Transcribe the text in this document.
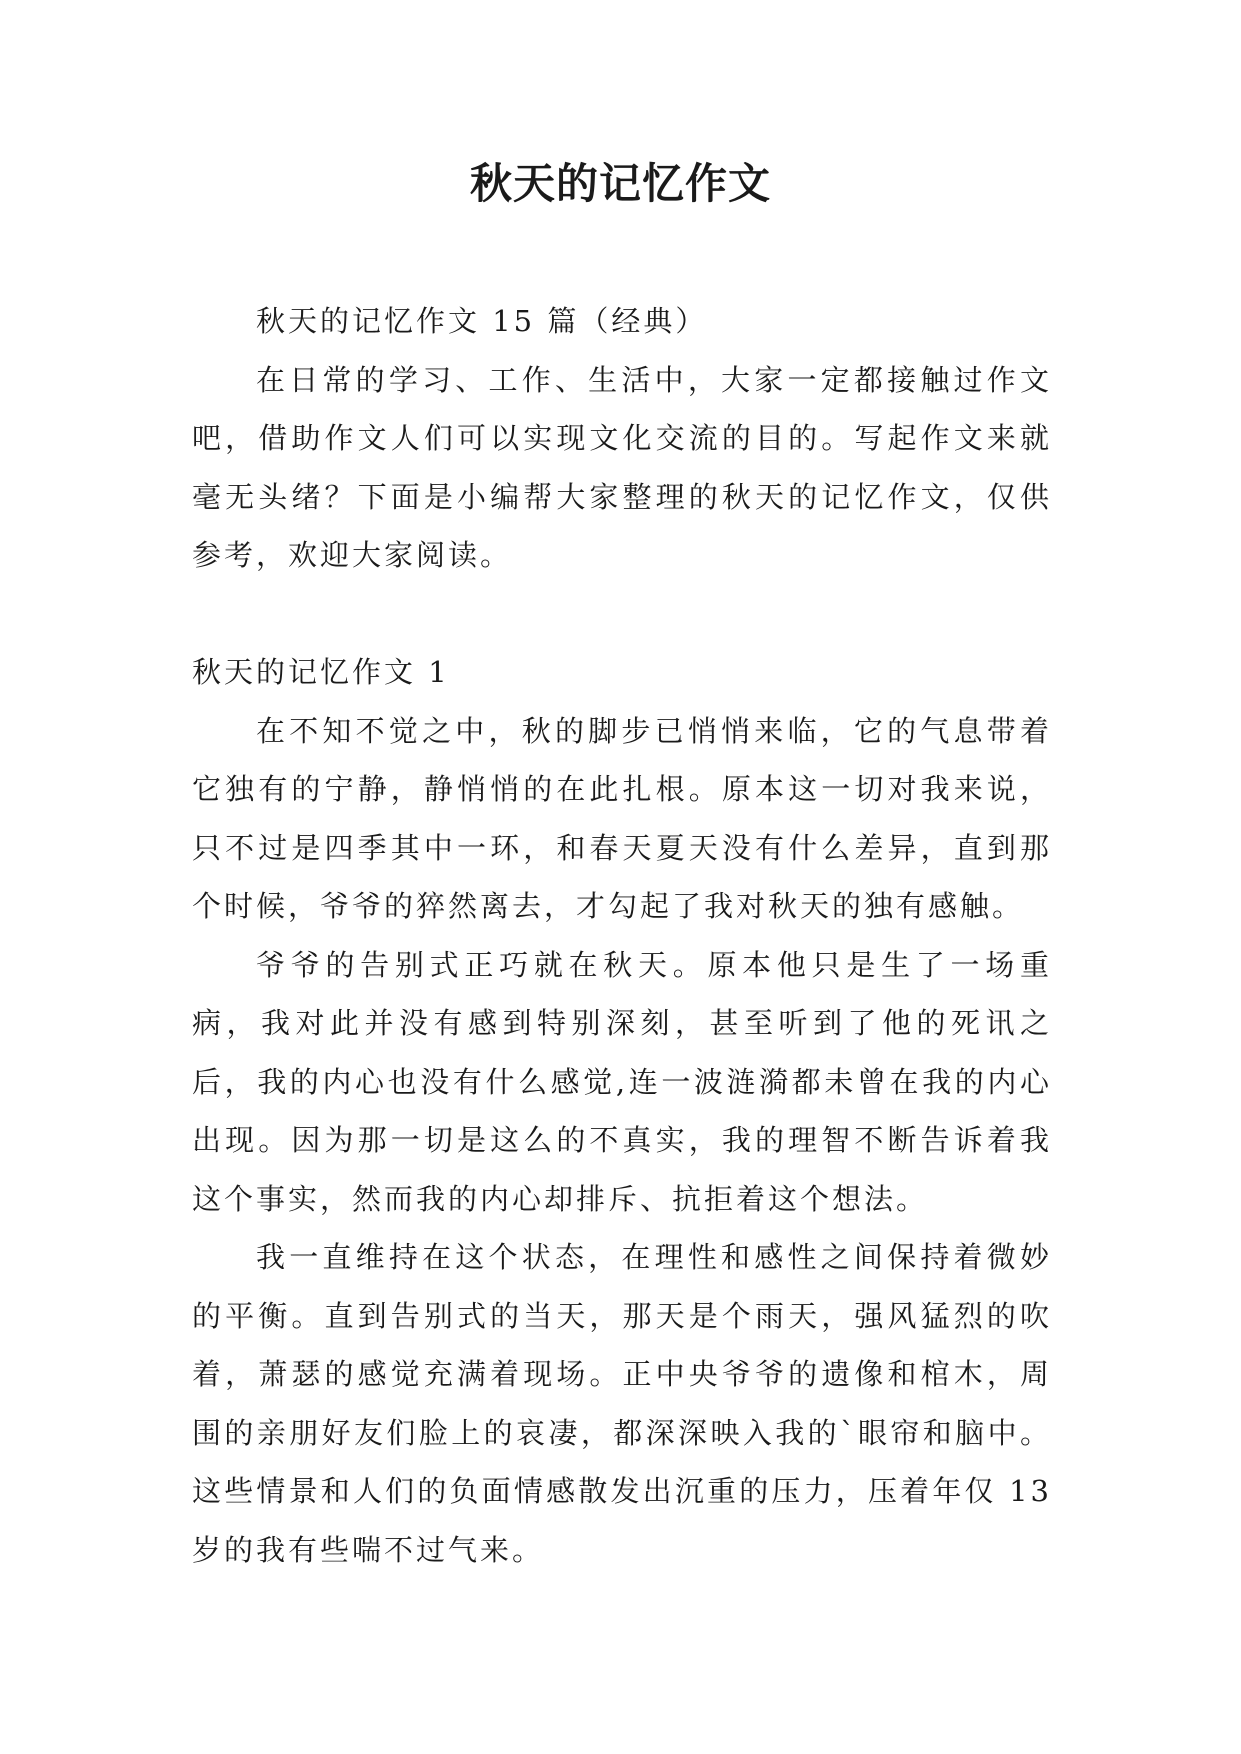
秋天的记忆作文

秋天的记忆作文 15 篇（经典）

在日常的学习、工作、生活中，大家一定都接触过作文吧，借助作文人们可以实现文化交流的目的。写起作文来就毫无头绪？下面是小编帮大家整理的秋天的记忆作文，仅供参考，欢迎大家阅读。

秋天的记忆作文 1

在不知不觉之中，秋的脚步已悄悄来临，它的气息带着它独有的宁静，静悄悄的在此扎根。原本这一切对我来说，只不过是四季其中一环，和春天夏天没有什么差异，直到那个时候，爷爷的猝然离去，才勾起了我对秋天的独有感触。

爷爷的告别式正巧就在秋天。原本他只是生了一场重病，我对此并没有感到特别深刻，甚至听到了他的死讯之后，我的内心也没有什么感觉,连一波涟漪都未曾在我的内心出现。因为那一切是这么的不真实，我的理智不断告诉着我这个事实，然而我的内心却排斥、抗拒着这个想法。

我一直维持在这个状态，在理性和感性之间保持着微妙的平衡。直到告别式的当天，那天是个雨天，强风猛烈的吹着，萧瑟的感觉充满着现场。正中央爷爷的遗像和棺木，周围的亲朋好友们脸上的哀凄，都深深映入我的`眼帘和脑中。这些情景和人们的负面情感散发出沉重的压力，压着年仅 13 岁的我有些喘不过气来。
